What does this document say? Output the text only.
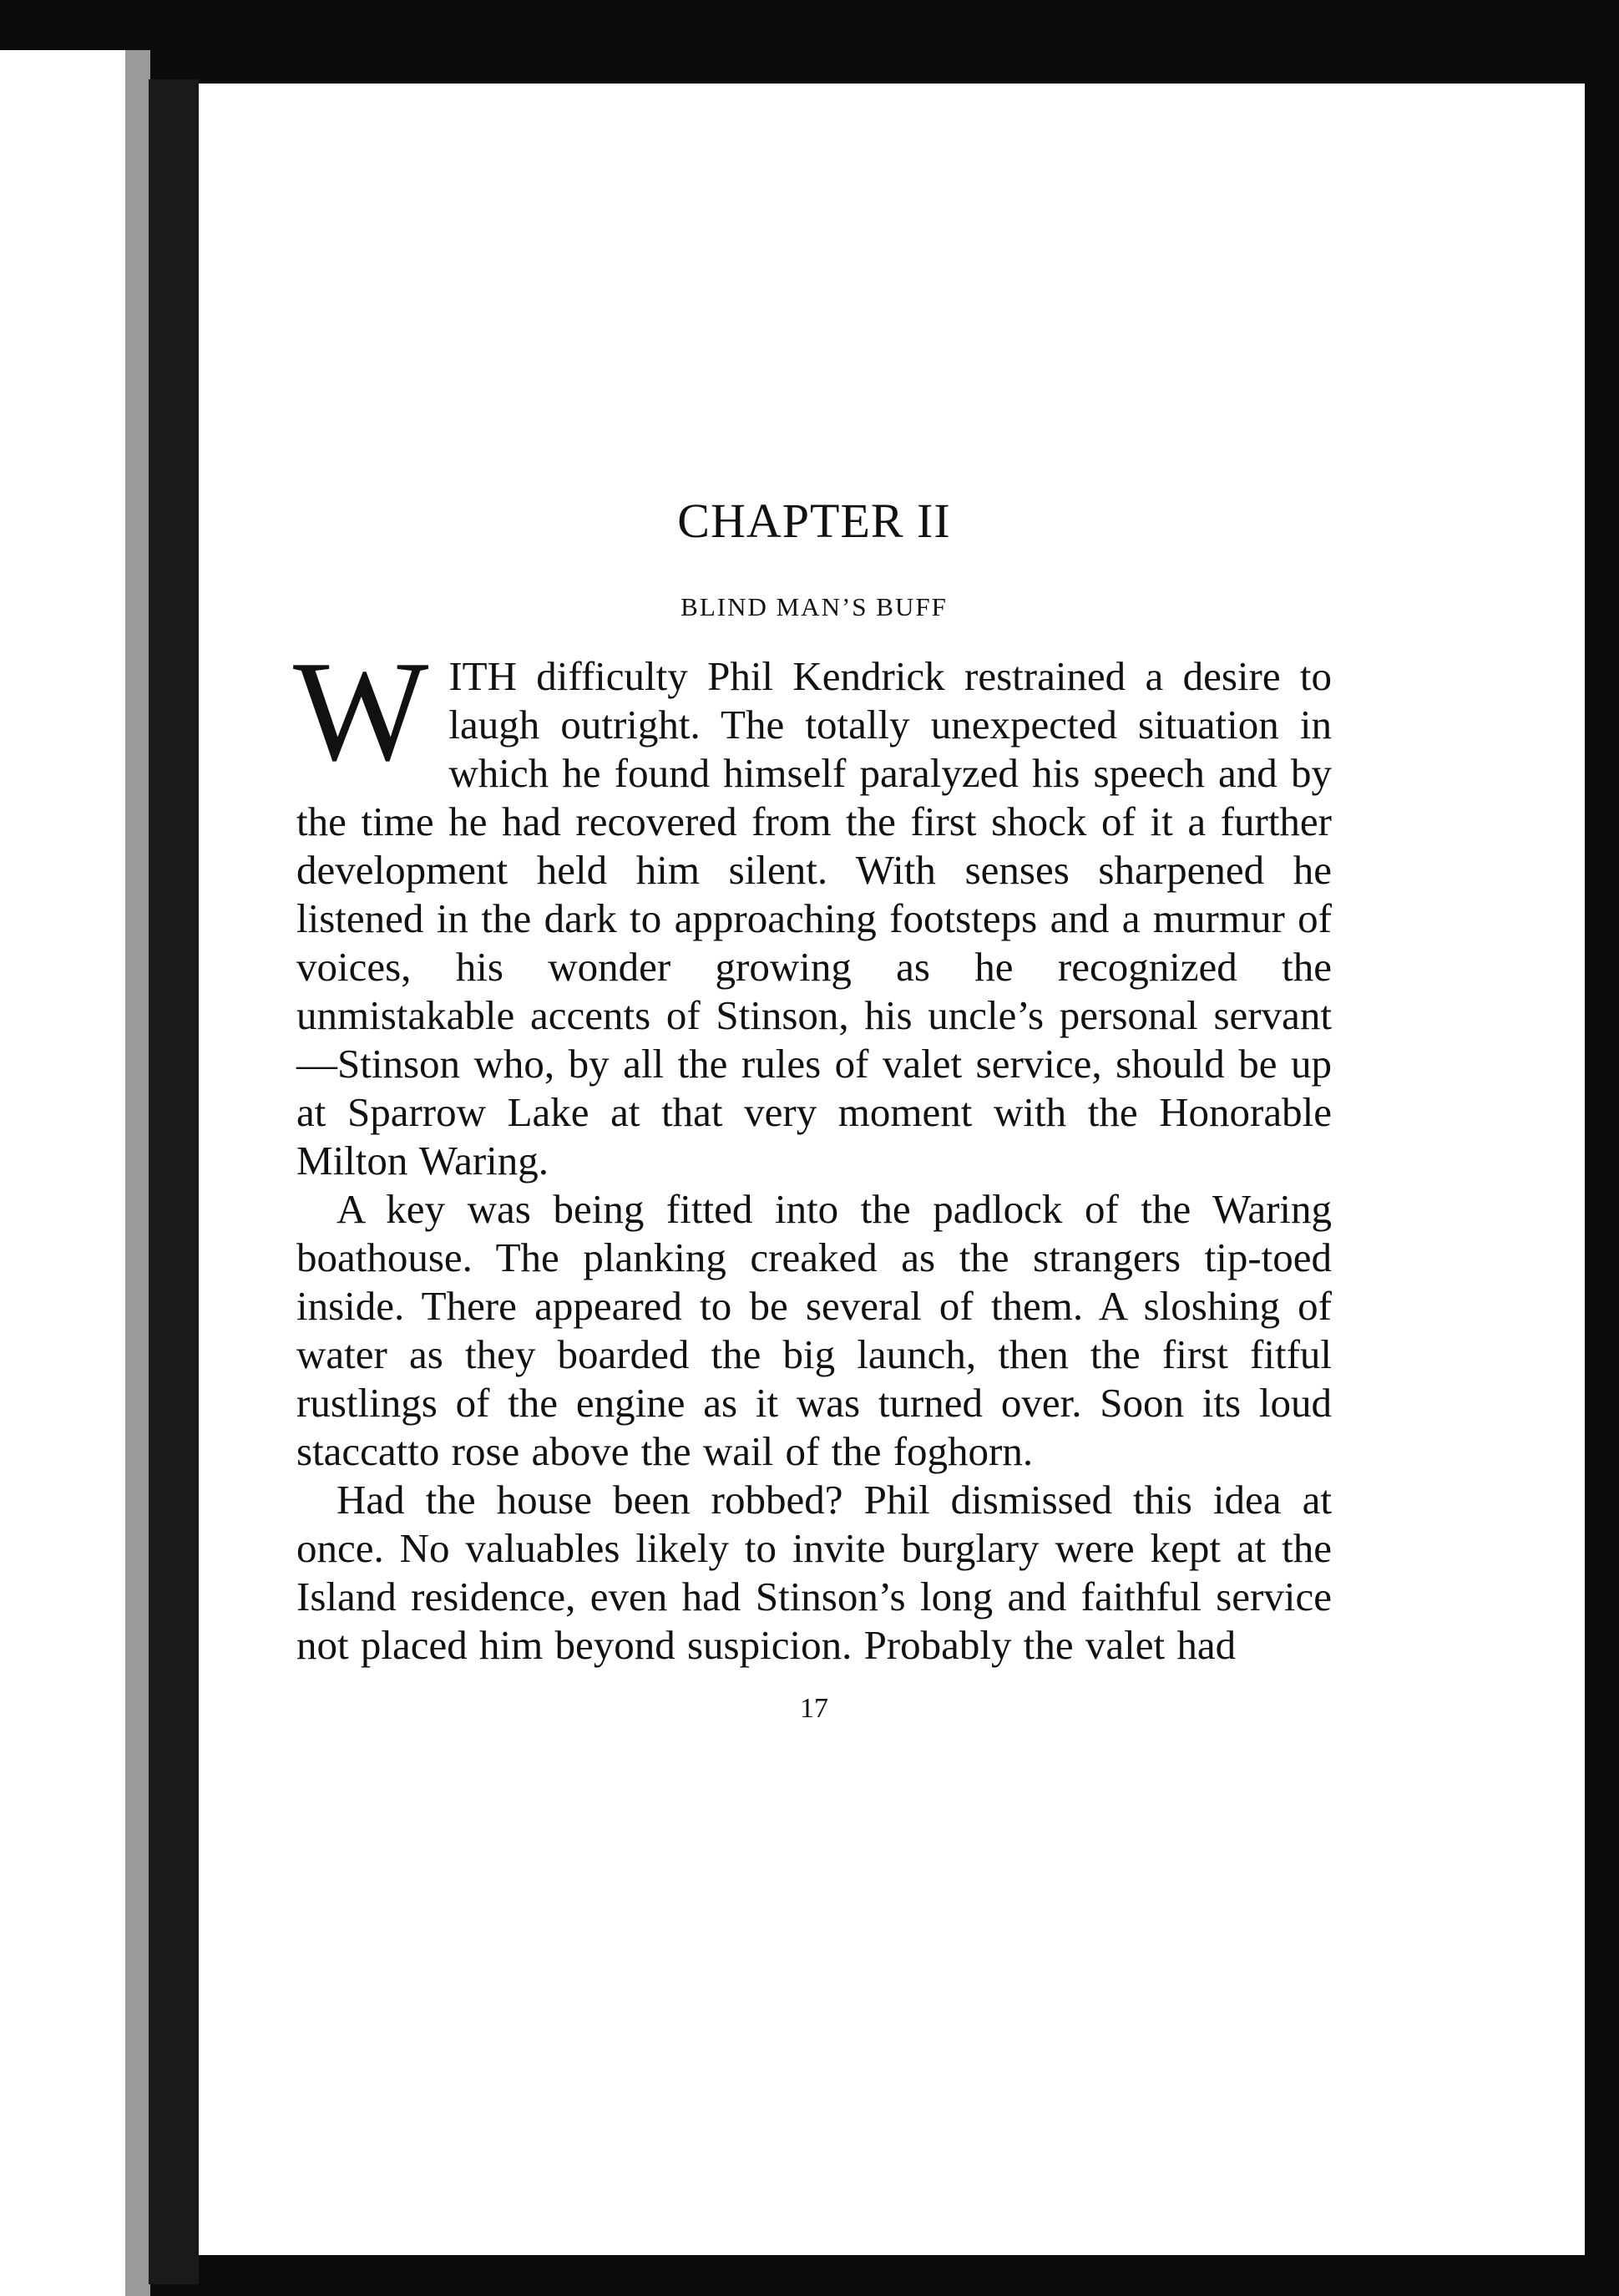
CHAPTER II
BLIND MAN’S BUFF

W ITH difficulty Phil Kendrick restrained a desire to laugh outright. The totally unexpected situation in which he found himself paralyzed his speech and by the time he had recovered from the first shock of it a further development held him silent. With senses sharpened he listened in the dark to approaching footsteps and a murmur of voices, his wonder growing as he recognized the unmistakable accents of Stinson, his uncle’s personal servant—Stinson who, by all the rules of valet service, should be up at Sparrow Lake at that very moment with the Honorable Milton Waring.

A key was being fitted into the padlock of the Waring boathouse. The planking creaked as the strangers tip-toed inside. There appeared to be several of them. A sloshing of water as they boarded the big launch, then the first fitful rustlings of the engine as it was turned over. Soon its loud staccatto rose above the wail of the foghorn.

Had the house been robbed? Phil dismissed this idea at once. No valuables likely to invite burglary were kept at the Island residence, even had Stinson’s long and faithful service not placed him beyond suspicion. Probably the valet had

17
